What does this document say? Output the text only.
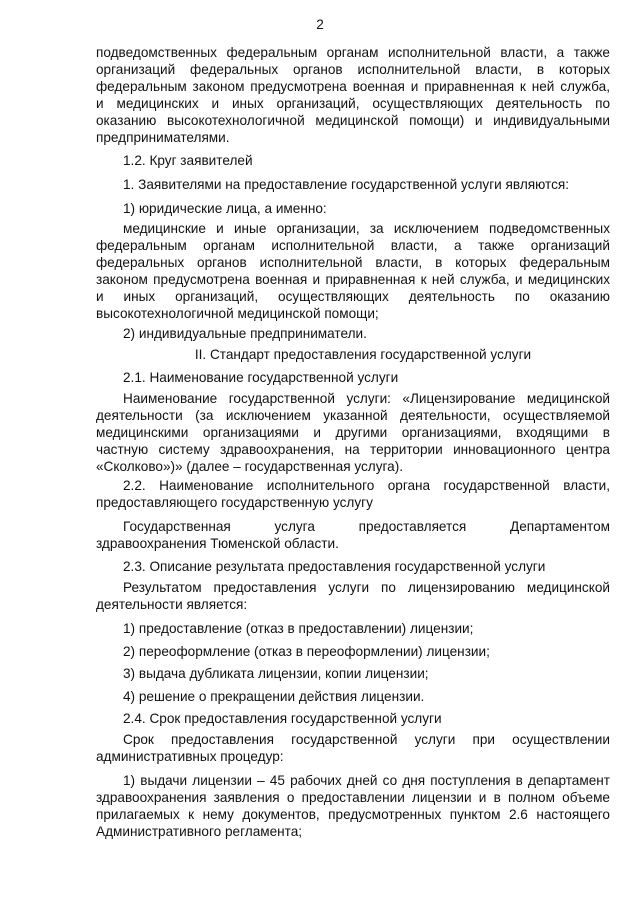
2
подведомственных федеральным органам исполнительной власти, а также
организаций федеральных органов исполнительной власти, в которых
федеральным законом предусмотрена военная и приравненная к ней служба,
и медицинских и иных организаций, осуществляющих деятельность по
оказанию высокотехнологичной медицинской помощи) и индивидуальными
предпринимателями.
1.2. Круг заявителей
1. Заявителями на предоставление государственной услуги являются:
1) юридические лица, а именно:
медицинские и иные организации, за исключением подведомственных
федеральным органам исполнительной власти, а также организаций
федеральных органов исполнительной власти, в которых федеральным
законом предусмотрена военная и приравненная к ней служба, и медицинских
и иных организаций, осуществляющих деятельность по оказанию
высокотехнологичной медицинской помощи;
2) индивидуальные предприниматели.
II. Стандарт предоставления государственной услуги
2.1. Наименование государственной услуги
Наименование государственной услуги: «Лицензирование медицинской
деятельности (за исключением указанной деятельности, осуществляемой
медицинскими организациями и другими организациями, входящими в
частную систему здравоохранения, на территории инновационного центра
«Сколково»)» (далее – государственная услуга).
2.2. Наименование исполнительного органа государственной власти,
предоставляющего государственную услугу
Государственная	услуга	предоставляется	Департаментом
здравоохранения Тюменской области.
2.3. Описание результата предоставления государственной услуги
Результатом предоставления услуги по лицензированию медицинской
деятельности является:
1) предоставление (отказ в предоставлении) лицензии;
2) переоформление (отказ в переоформлении) лицензии;
3) выдача дубликата лицензии, копии лицензии;
4) решение о прекращении действия лицензии.
2.4. Срок предоставления государственной услуги
Срок предоставления государственной услуги при осуществлении
административных процедур:
1) выдачи лицензии – 45 рабочих дней со дня поступления в департамент
здравоохранения заявления о предоставлении лицензии и в полном объеме
прилагаемых к нему документов, предусмотренных пунктом 2.6 настоящего
Административного регламента;
